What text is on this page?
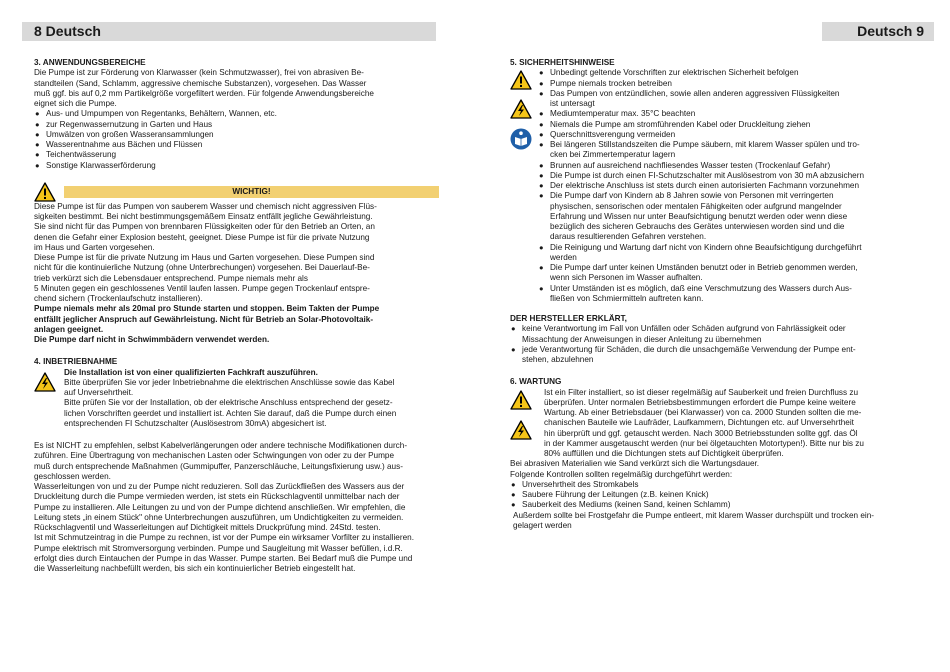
8 Deutsch	Deutsch 9

3. ANWENDUNGSBEREICHE

Die Pumpe ist zur Förderung von Klarwasser (kein Schmutzwasser), frei von abrasiven Be-

standteilen (Sand, Schlamm, aggressive chemische Substanzen), vorgesehen. Das Wasser

muß ggf. bis auf 0,2 mm Partikelgröße vorgefiltert werden. Für folgende Anwendungsbereiche

eignet sich die Pumpe.

● Aus- und Umpumpen von Regentanks, Behältern, Wannen, etc.
● zur Regenwassernutzung in Garten und Haus
● Umwälzen von großen Wasseransammlungen
● Wasserentnahme aus Bächen und Flüssen
● Teichentwässerung
● Sonstige Klarwasserförderung
WICHTIG!

Diese Pumpe ist für das Pumpen von sauberem Wasser und chemisch nicht aggressiven Flüs-

sigkeiten bestimmt. Bei nicht bestimmungsgemäßem Einsatz entfällt jegliche Gewährleistung.

Sie sind nicht für das Pumpen von brennbaren Flüssigkeiten oder für den Betrieb an Orten, an

denen die Gefahr einer Explosion besteht, geeignet. Diese Pumpe ist für die private Nutzung

im Haus und Garten vorgesehen.

Diese Pumpe ist für die private Nutzung im Haus und Garten vorgesehen. Diese Pumpen sind

nicht für die kontinuierliche Nutzung (ohne Unterbrechungen) vorgesehen. Bei Dauerlauf-Be-

trieb verkürzt sich die Lebensdauer entsprechend. Pumpe niemals mehr als

5 Minuten gegen ein geschlossenes Ventil laufen lassen. Pumpe gegen Trockenlauf entspre-

chend sichern (Trockenlaufschutz installieren).

Pumpe niemals mehr als 20mal pro Stunde starten und stoppen. Beim Takten der Pumpe

entfällt jeglicher Anspruch auf Gewährleistung. Nicht für Betrieb an Solar-Photovoltaik-

anlagen geeignet.

Die Pumpe darf nicht in Schwimmbädern verwendet werden.

4. INBETRIEBNAHME

Die Installation ist von einer qualifizierten Fachkraft auszuführen.

Bitte überprüfen Sie vor jeder Inbetriebnahme die elektrischen Anschlüsse sowie das Kabel

auf Unversehrtheit.

Bitte prüfen Sie vor der Installation, ob der elektrische Anschluss entsprechend der gesetz-

lichen Vorschriften geerdet und installiert ist. Achten Sie darauf, daß die Pumpe durch einen

entsprechenden FI Schutzschalter (Auslösestrom 30mA) abgesichert ist.

Es ist NICHT zu empfehlen, selbst Kabelverlängerungen oder andere technische Modifikationen durch-

zuführen. Eine Übertragung von mechanischen Lasten oder Schwingungen von oder zu der Pumpe

muß durch entsprechende Maßnahmen (Gummipuffer, Panzerschläuche, Leitungsfixierung usw.) aus-

geschlossen werden.

Wasserleitungen von und zu der Pumpe nicht reduzieren. Soll das Zurückfließen des Wassers aus der

Druckleitung durch die Pumpe vermieden werden, ist stets ein Rückschlagventil unmittelbar nach der

Pumpe zu installieren. Alle Leitungen zu und von der Pumpe dichtend anschließen. Wir empfehlen, die

Leitung stets „in einem Stück" ohne Unterbrechungen auszuführen, um Undichtigkeiten zu vermeiden.

Rückschlagventil und Wasserleitungen auf Dichtigkeit mittels Druckprüfung mind. 24Std. testen.

Ist mit Schmutzeintrag in die Pumpe zu rechnen, ist vor der Pumpe ein wirksamer Vorfilter zu installieren.

Pumpe elektrisch mit Stromversorgung verbinden. Pumpe und Saugleitung mit Wasser befüllen, i.d.R.

erfolgt dies durch Eintauchen der Pumpe in das Wasser. Pumpe starten. Bei Bedarf muß die Pumpe und

die Wasserleitung nachbefüllt werden, bis sich ein kontinuierlicher Betrieb eingestellt hat.

5. SICHERHEITSHINWEISE

● Unbedingt geltende Vorschriften zur elektrischen Sicherheit befolgen
● Pumpe niemals trocken betreiben
● Das Pumpen von entzündlichen, sowie allen anderen aggressiven Flüssigkeiten
ist untersagt
● Mediumtemperatur max. 35°C beachten
● Niemals die Pumpe am stromführenden Kabel oder Druckleitung ziehen
● Querschnittsverengung vermeiden
● Bei längeren Stillstandszeiten die Pumpe säubern, mit klarem Wasser spülen und tro-
cken bei Zimmertemperatur lagern
● Brunnen auf ausreichend nachfliesendes Wasser testen (Trockenlauf Gefahr)
● Die Pumpe ist durch einen FI-Schutzschalter mit Auslösestrom von 30 mA abzusichern
● Der elektrische Anschluss ist stets durch einen autorisierten Fachmann vorzunehmen
● Die Pumpe darf von Kindern ab 8 Jahren sowie von Personen mit verringerten
physischen, sensorischen oder mentalen Fähigkeiten oder aufgrund mangelnder
Erfahrung und Wissen nur unter Beaufsichtigung benutzt werden oder wenn diese
bezüglich des sicheren Gebrauchs des Gerätes unterwiesen worden sind und die
daraus resultierenden Gefahren verstehen.
● Die Reinigung und Wartung darf nicht von Kindern ohne Beaufsichtigung durchgeführt
werden
● Die Pumpe darf unter keinen Umständen benutzt oder in Betrieb genommen werden,
wenn sich Personen im Wasser aufhalten.
● Unter Umständen ist es möglich, daß eine Verschmutzung des Wassers durch Aus-
fließen von Schmiermitteln auftreten kann.

DER HERSTELLER ERKLÄRT,

● keine Verantwortung im Fall von Unfällen oder Schäden aufgrund von Fahrlässigkeit oder
Missachtung der Anweisungen in dieser Anleitung zu übernehmen
● jede Verantwortung für Schäden, die durch die unsachgemäße Verwendung der Pumpe ent-
stehen, abzulehnen

6. WARTUNG

Ist ein Filter installiert, so ist dieser regelmäßig auf Sauberkeit und freien Durchfluss zu

überprüfen. Unter normalen Betriebsbestimmungen erfordert die Pumpe keine weitere

Wartung. Ab einer Betriebsdauer (bei Klarwasser) von ca. 2000 Stunden sollten die me-

chanischen Bauteile wie Laufräder, Laufkammern, Dichtungen etc. auf Unversehrtheit

hin überprüft und ggf. getauscht werden. Nach 3000 Betriebsstunden sollte ggf. das Öl

in der Kammer ausgetauscht werden (nur bei ölgetauchten Motortypen!). Bitte nur bis zu

80% auffüllen und die Dichtungen stets auf Dichtigkeit überprüfen.

Bei abrasiven Materialien wie Sand verkürzt sich die Wartungsdauer.

Folgende Kontrollen sollten regelmäßig durchgeführt werden:

● Unversehrtheit des Stromkabels
● Saubere Führung der Leitungen (z.B. keinen Knick)
● Sauberkeit des Mediums (keinen Sand, keinen Schlamm)

Außerdem sollte bei Frostgefahr die Pumpe entleert, mit klarem Wasser durchspült und trocken ein-

gelagert werden
